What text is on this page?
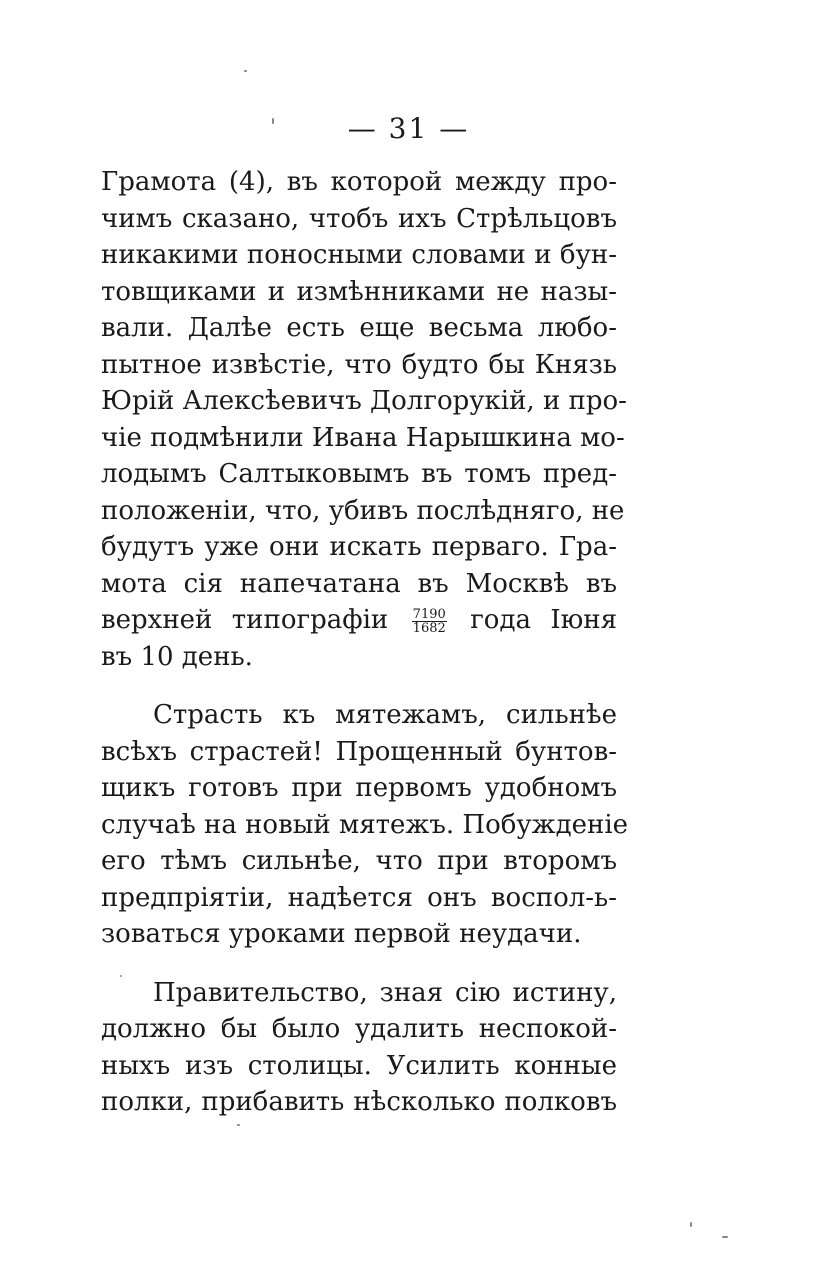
— 31 —
Грамота (4), въ которой между про-
чимъ сказано, чтобъ ихъ Стрѣльцовъ
никакими поносными словами и бун-
товщиками и измѣнниками не назы-
вали. Далѣе есть еще весьма любо-
пытное извѣстіе, что будто бы Князь
Юрій Алексѣевичъ Долгорукій, и про-
чіе подмѣнили Ивана Нарышкина мо-
лодымъ Салтыковымъ въ томъ пред-
положеніи, что, убивъ послѣдняго, не
будутъ уже они искать перваго. Гра-
мота сія напечатана въ Москвѣ въ
верхней типографіи $\frac{7190}{1682}$ года Іюня
въ 10 день.
Страсть къ мятежамъ, сильнѣе
всѣхъ страстей! Прощенный бунтов-
щикъ готовъ при первомъ удобномъ
случаѣ на новый мятежъ. Побужденіе
его тѣмъ сильнѣе, что при второмъ
предпріятіи, надѣется онъ воспол-ь-
зоваться уроками первой неудачи.
Правительство, зная сію истину,
должно бы было удалить неспокой-
ныхъ изъ столицы. Усилить конные
полки, прибавить нѣсколько полковъ
